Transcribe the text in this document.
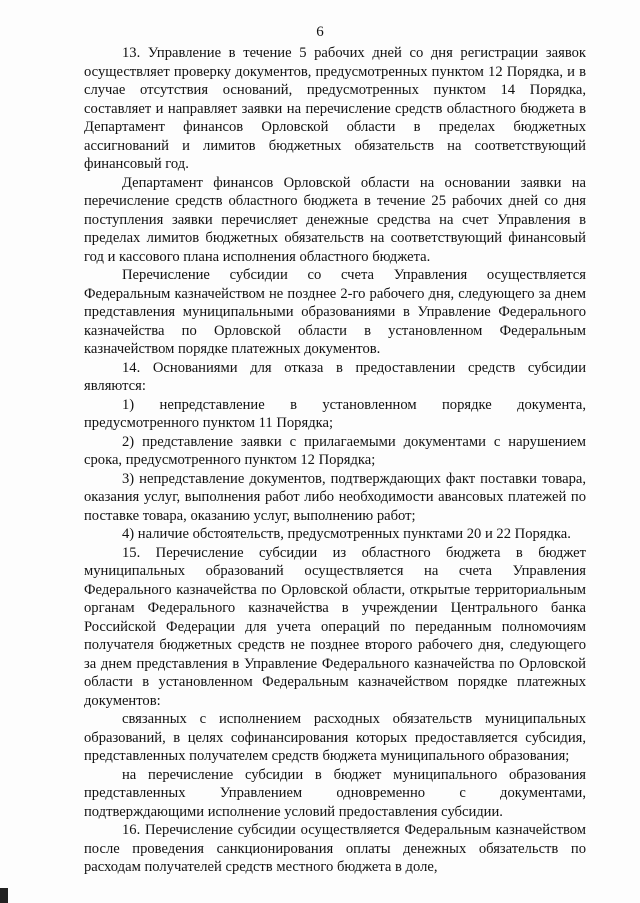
6

13. Управление в течение 5 рабочих дней со дня регистрации заявок осуществляет проверку документов, предусмотренных пунктом 12 Порядка, и в случае отсутствия оснований, предусмотренных пунктом 14 Порядка, составляет и направляет заявки на перечисление средств областного бюджета в Департамент финансов Орловской области в пределах бюджетных ассигнований и лимитов бюджетных обязательств на соответствующий финансовый год.

Департамент финансов Орловской области на основании заявки на перечисление средств областного бюджета в течение 25 рабочих дней со дня поступления заявки перечисляет денежные средства на счет Управления в пределах лимитов бюджетных обязательств на соответствующий финансовый год и кассового плана исполнения областного бюджета.

Перечисление субсидии со счета Управления осуществляется Федеральным казначейством не позднее 2-го рабочего дня, следующего за днем представления муниципальными образованиями в Управление Федерального казначейства по Орловской области в установленном Федеральным казначейством порядке платежных документов.

14. Основаниями для отказа в предоставлении средств субсидии являются:

1) непредставление в установленном порядке документа, предусмотренного пунктом 11 Порядка;

2) представление заявки с прилагаемыми документами с нарушением срока, предусмотренного пунктом 12 Порядка;

3) непредставление документов, подтверждающих факт поставки товара, оказания услуг, выполнения работ либо необходимости авансовых платежей по поставке товара, оказанию услуг, выполнению работ;

4) наличие обстоятельств, предусмотренных пунктами 20 и 22 Порядка.

15. Перечисление субсидии из областного бюджета в бюджет муниципальных образований осуществляется на счета Управления Федерального казначейства по Орловской области, открытые территориальным органам Федерального казначейства в учреждении Центрального банка Российской Федерации для учета операций по переданным полномочиям получателя бюджетных средств не позднее второго рабочего дня, следующего за днем представления в Управление Федерального казначейства по Орловской области в установленном Федеральным казначейством порядке платежных документов:

связанных с исполнением расходных обязательств муниципальных образований, в целях софинансирования которых предоставляется субсидия, представленных получателем средств бюджета муниципального образования;

на перечисление субсидии в бюджет муниципального образования представленных Управлением одновременно с документами, подтверждающими исполнение условий предоставления субсидии.

16. Перечисление субсидии осуществляется Федеральным казначейством после проведения санкционирования оплаты денежных обязательств по расходам получателей средств местного бюджета в доле,
